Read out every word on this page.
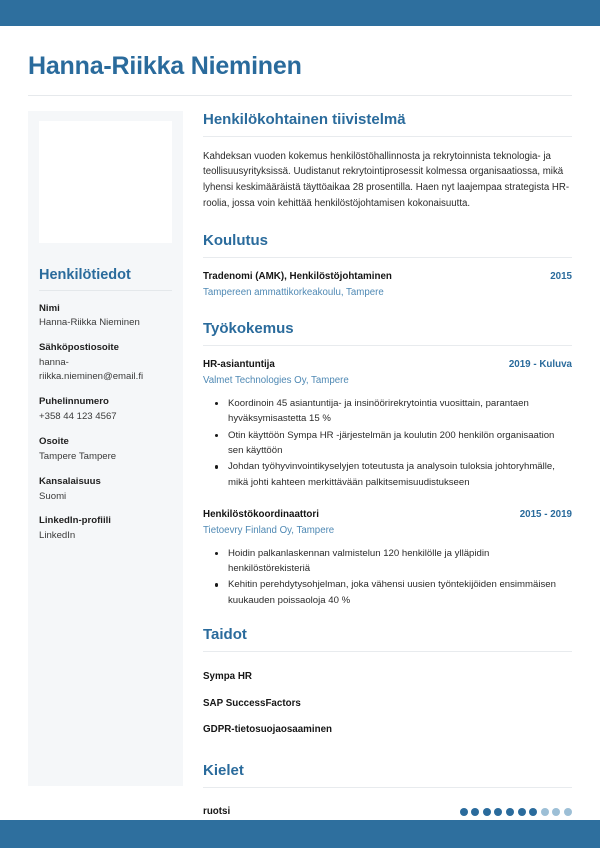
Hanna-Riikka Nieminen
Henkilötiedot
Nimi
Hanna-Riikka Nieminen
Sähköpostiosoite
hanna-riikka.nieminen@email.fi
Puhelinnumero
+358 44 123 4567
Osoite
Tampere Tampere
Kansalaisuus
Suomi
LinkedIn-profiili
LinkedIn
Henkilökohtainen tiivistelmä

Kahdeksan vuoden kokemus henkilöstöhallinnosta ja rekrytoinnista teknologia- ja teollisuusyrityksissä. Uudistanut rekrytointiprosessit kolmessa organisaatiossa, mikä lyhensi keskimääräistä täyttöaikaa 28 prosentilla. Haen nyt laajempaa strategista HR-roolia, jossa voin kehittää henkilöstöjohtamisen kokonaisuutta.

Koulutus
Tradenomi (AMK), Henkilöstöjohtaminen	2015
Tampereen ammattikorkeakoulu, Tampere
Työkokemus
HR-asiantuntija	2019 - Kuluva
Valmet Technologies Oy, Tampere
Koordinoin 45 asiantuntija- ja insinöörirekrytointia vuosittain, parantaen hyväksymisastetta 15 %
Otin käyttöön Sympa HR -järjestelmän ja koulutin 200 henkilön organisaation sen käyttöön
Johdan työhyvinvointikyselyjen toteutusta ja analysoin tuloksia johtoryhmälle, mikä johti kahteen merkittävään palkitsemisuudistukseen
Henkilöstökoordinaattori	2015 - 2019
Tietoevry Finland Oy, Tampere
Hoidin palkanlaskennan valmistelun 120 henkilölle ja ylläpidin henkilöstörekisteriä
Kehitin perehdytysohjelman, joka vähensi uusien työntekijöiden ensimmäisen kuukauden poissaoloja 40 %
Taidot
Sympa HR
SAP SuccessFactors
GDPR-tietosuojaosaaminen
Kielet
ruotsi
